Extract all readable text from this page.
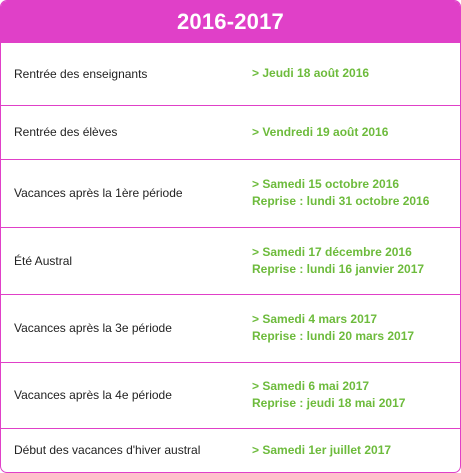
2016-2017
Rentrée des enseignants	> Jeudi 18 août 2016

Rentrée des élèves	> Vendredi 19 août 2016

Vacances après la 1ère période	> Samedi 15 octobre 2016
Reprise : lundi 31 octobre 2016

Été Austral	> Samedi 17 décembre 2016
Reprise : lundi 16 janvier 2017

Vacances après la 3e période	> Samedi 4 mars 2017
Reprise : lundi 20 mars 2017

Vacances après la 4e période	> Samedi 6 mai 2017
Reprise : jeudi 18 mai 2017

Début des vacances d'hiver austral	> Samedi 1er juillet 2017
